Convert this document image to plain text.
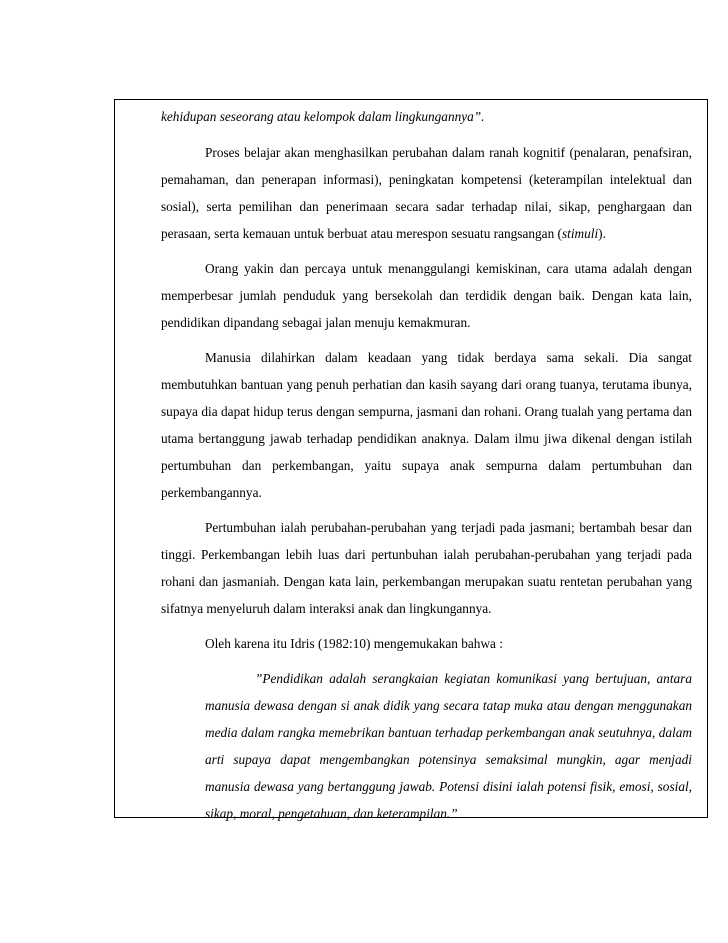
kehidupan seseorang atau kelompok dalam lingkungannya”.

Proses belajar akan menghasilkan perubahan dalam ranah kognitif (penalaran, penafsiran, pemahaman, dan penerapan informasi), peningkatan kompetensi (keterampilan intelektual dan sosial), serta pemilihan dan penerimaan secara sadar terhadap nilai, sikap, penghargaan dan perasaan, serta kemauan untuk berbuat atau merespon sesuatu rangsangan (stimuli).

Orang yakin dan percaya untuk menanggulangi kemiskinan, cara utama adalah dengan memperbesar jumlah penduduk yang bersekolah dan terdidik dengan baik. Dengan kata lain, pendidikan dipandang sebagai jalan menuju kemakmuran.

Manusia dilahirkan dalam keadaan yang tidak berdaya sama sekali. Dia sangat membutuhkan bantuan yang penuh perhatian dan kasih sayang dari orang tuanya, terutama ibunya, supaya dia dapat hidup terus dengan sempurna, jasmani dan rohani. Orang tualah yang pertama dan utama bertanggung jawab terhadap pendidikan anaknya. Dalam ilmu jiwa dikenal dengan istilah pertumbuhan dan perkembangan, yaitu supaya anak sempurna dalam pertumbuhan dan perkembangannya.

Pertumbuhan ialah perubahan-perubahan yang terjadi pada jasmani; bertambah besar dan tinggi. Perkembangan lebih luas dari pertunbuhan ialah perubahan-perubahan yang terjadi pada rohani dan jasmaniah. Dengan kata lain, perkembangan merupakan suatu rentetan perubahan yang sifatnya menyeluruh dalam interaksi anak dan lingkungannya.

Oleh karena itu Idris (1982:10) mengemukakan bahwa :

”Pendidikan adalah serangkaian kegiatan komunikasi yang bertujuan, antara manusia dewasa dengan si anak didik yang secara tatap muka atau dengan menggunakan media dalam rangka memebrikan bantuan terhadap perkembangan anak seutuhnya, dalam arti supaya dapat mengembangkan potensinya semaksimal mungkin, agar menjadi manusia dewasa yang bertanggung jawab. Potensi disini ialah potensi fisik, emosi, sosial, sikap, moral, pengetahuan, dan keterampilan.”
